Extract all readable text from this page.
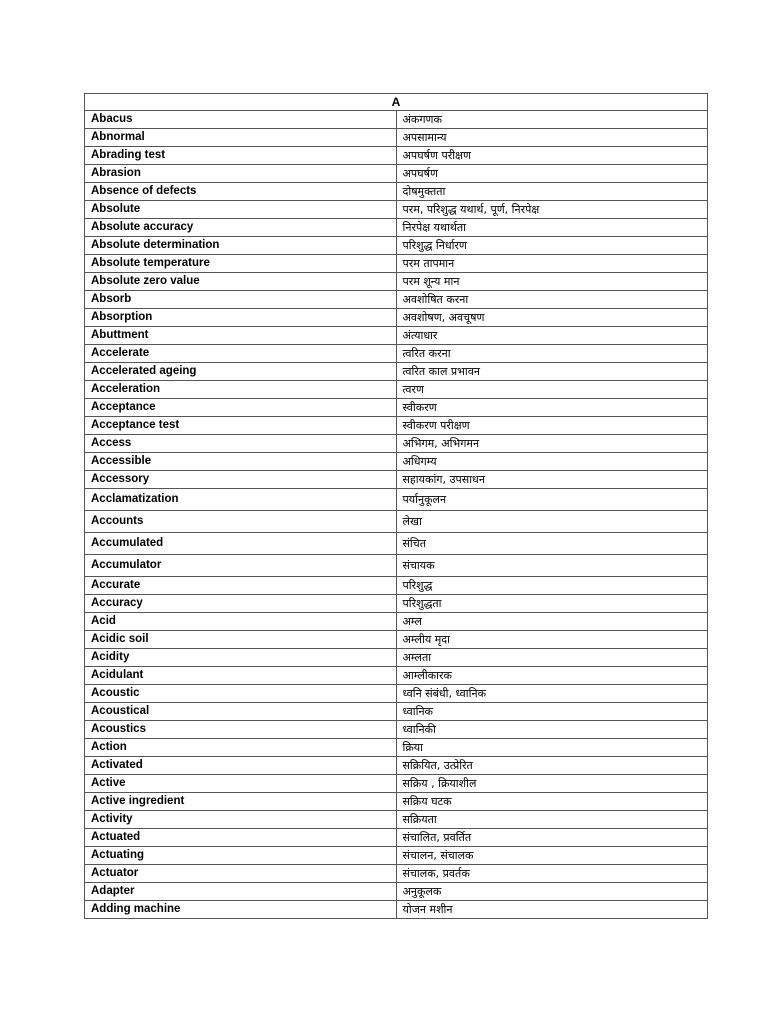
A	
Abacus	अंकगणक
Abnormal	अपसामान्य
Abrading test	अपघर्षण परीक्षण
Abrasion	अपघर्षण
Absence of defects	दोषमुक्तता
Absolute	परम, परिशुद्ध यथार्थ, पूर्ण, निरपेक्ष
Absolute accuracy	निरपेक्ष यथार्थता
Absolute determination	परिशुद्ध निर्धारण
Absolute temperature	परम तापमान
Absolute zero value	परम शून्य मान
Absorb	अवशोषित करना
Absorption	अवशोषण, अवचूषण
Abuttment	अंत्याधार
Accelerate	त्वरित करना
Accelerated ageing	त्वरित काल प्रभावन
Acceleration	त्वरण
Acceptance	स्वीकरण
Acceptance test	स्वीकरण परीक्षण
Access	अभिगम, अभिगमन
Accessible	अधिगम्य
Accessory	सहायकांग, उपसाधन
Acclamatization	पर्यानुकूलन
Accounts	लेखा
Accumulated	संचित
Accumulator	संचायक
Accurate	परिशुद्ध
Accuracy	परिशुद्धता
Acid	अम्ल
Acidic soil	अम्लीय मृदा
Acidity	अम्लता
Acidulant	आम्लीकारक
Acoustic	ध्वनि संबंधी, ध्वानिक
Acoustical	ध्वानिक
Acoustics	ध्वानिकी
Action	क्रिया
Activated	सक्रियित, उत्प्रेरित
Active	सक्रिय , क्रियाशील
Active ingredient	सक्रिय घटक
Activity	सक्रियता
Actuated	संचालित, प्रवर्तित
Actuating	संचालन, संचालक
Actuator	संचालक, प्रवर्तक
Adapter	अनुकूलक
Adding machine	योजन मशीन
